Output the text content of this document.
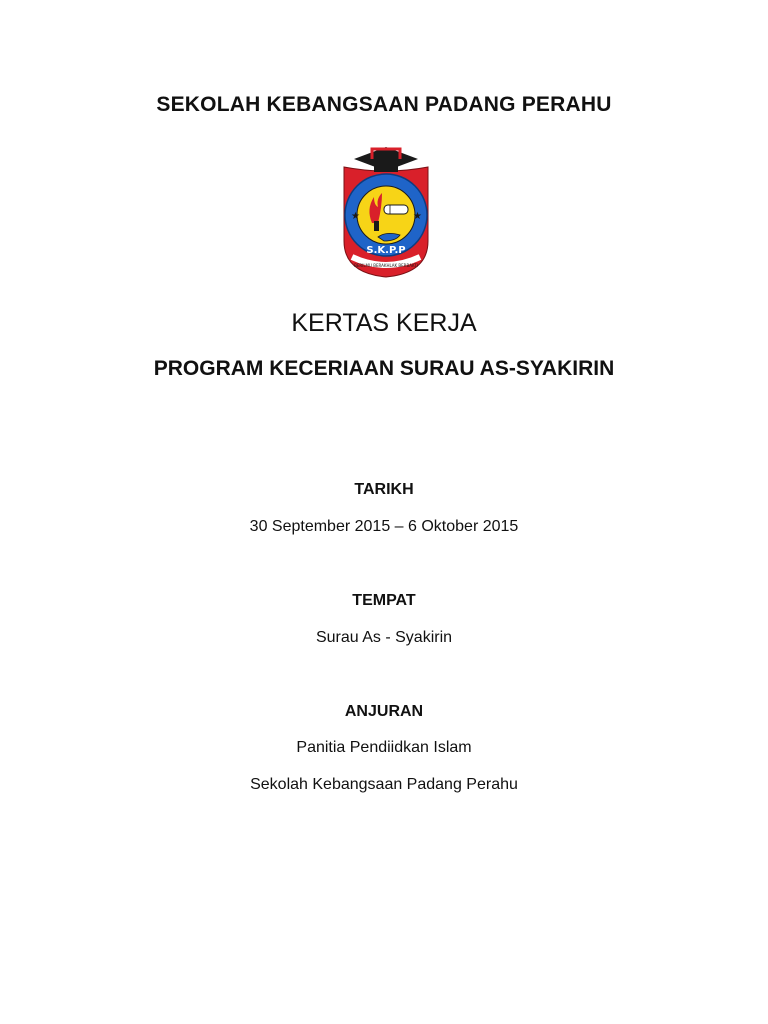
SEKOLAH KEBANGSAAN PADANG PERAHU
★	★
S.K.P.P
BERILMU BERAKHLAK BERBAKTI
KERTAS KERJA
PROGRAM KECERIAAN SURAU AS-SYAKIRIN
TARIKH
30 September 2015 – 6 Oktober 2015
TEMPAT
Surau As - Syakirin
ANJURAN
Panitia Pendiidkan Islam
Sekolah Kebangsaan Padang Perahu
